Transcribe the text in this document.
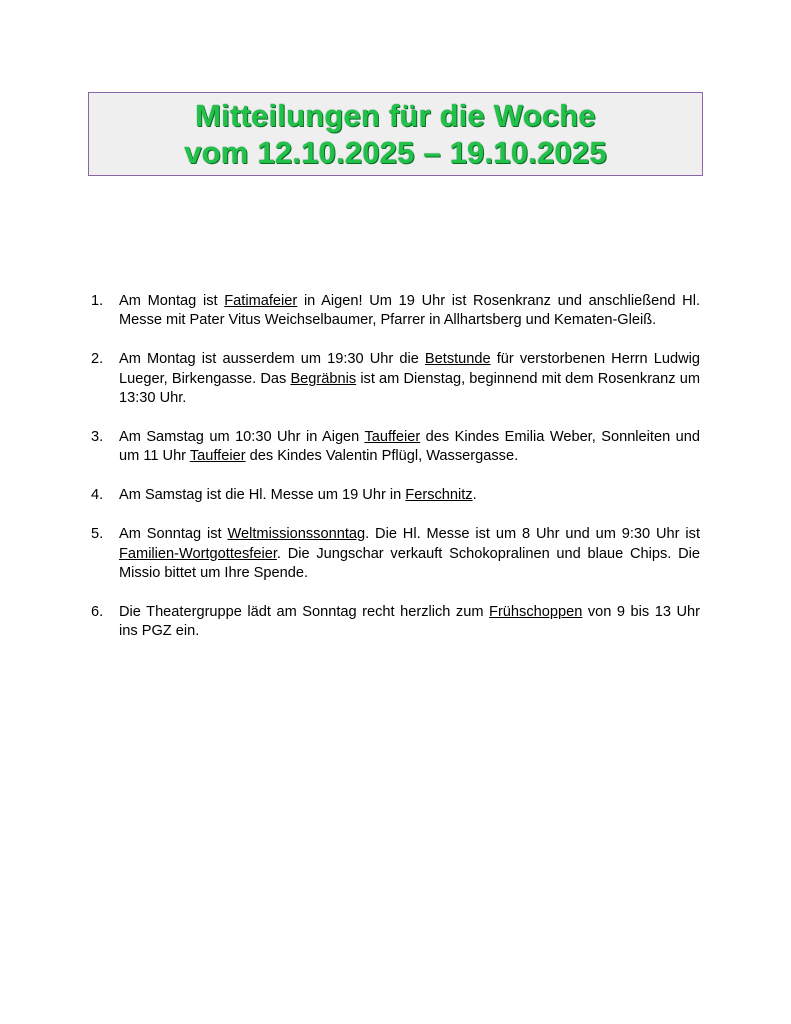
Mitteilungen für die Woche
vom 12.10.2025 – 19.10.2025
1.	Am Montag ist Fatimafeier in Aigen! Um 19 Uhr ist Rosenkranz und anschließend Hl. Messe mit Pater Vitus Weichselbaumer, Pfarrer in Allhartsberg und Kematen-Gleiß.
2.	Am Montag ist ausserdem um 19:30 Uhr die Betstunde für verstorbenen Herrn Ludwig Lueger, Birkengasse. Das Begräbnis ist am Dienstag, beginnend mit dem Rosenkranz um 13:30 Uhr.
3.	Am Samstag um 10:30 Uhr in Aigen Tauffeier des Kindes Emilia Weber, Sonnleiten und um 11 Uhr Tauffeier des Kindes Valentin Pflügl, Wassergasse.
4.	Am Samstag ist die Hl. Messe um 19 Uhr in Ferschnitz.
5.	Am Sonntag ist Weltmissionssonntag. Die Hl. Messe ist um 8 Uhr und um 9:30 Uhr ist Familien-Wortgottesfeier. Die Jungschar verkauft Schokopralinen und blaue Chips. Die Missio bittet um Ihre Spende.
6.	Die Theatergruppe lädt am Sonntag recht herzlich zum Frühschoppen von 9 bis 13 Uhr ins PGZ ein.
